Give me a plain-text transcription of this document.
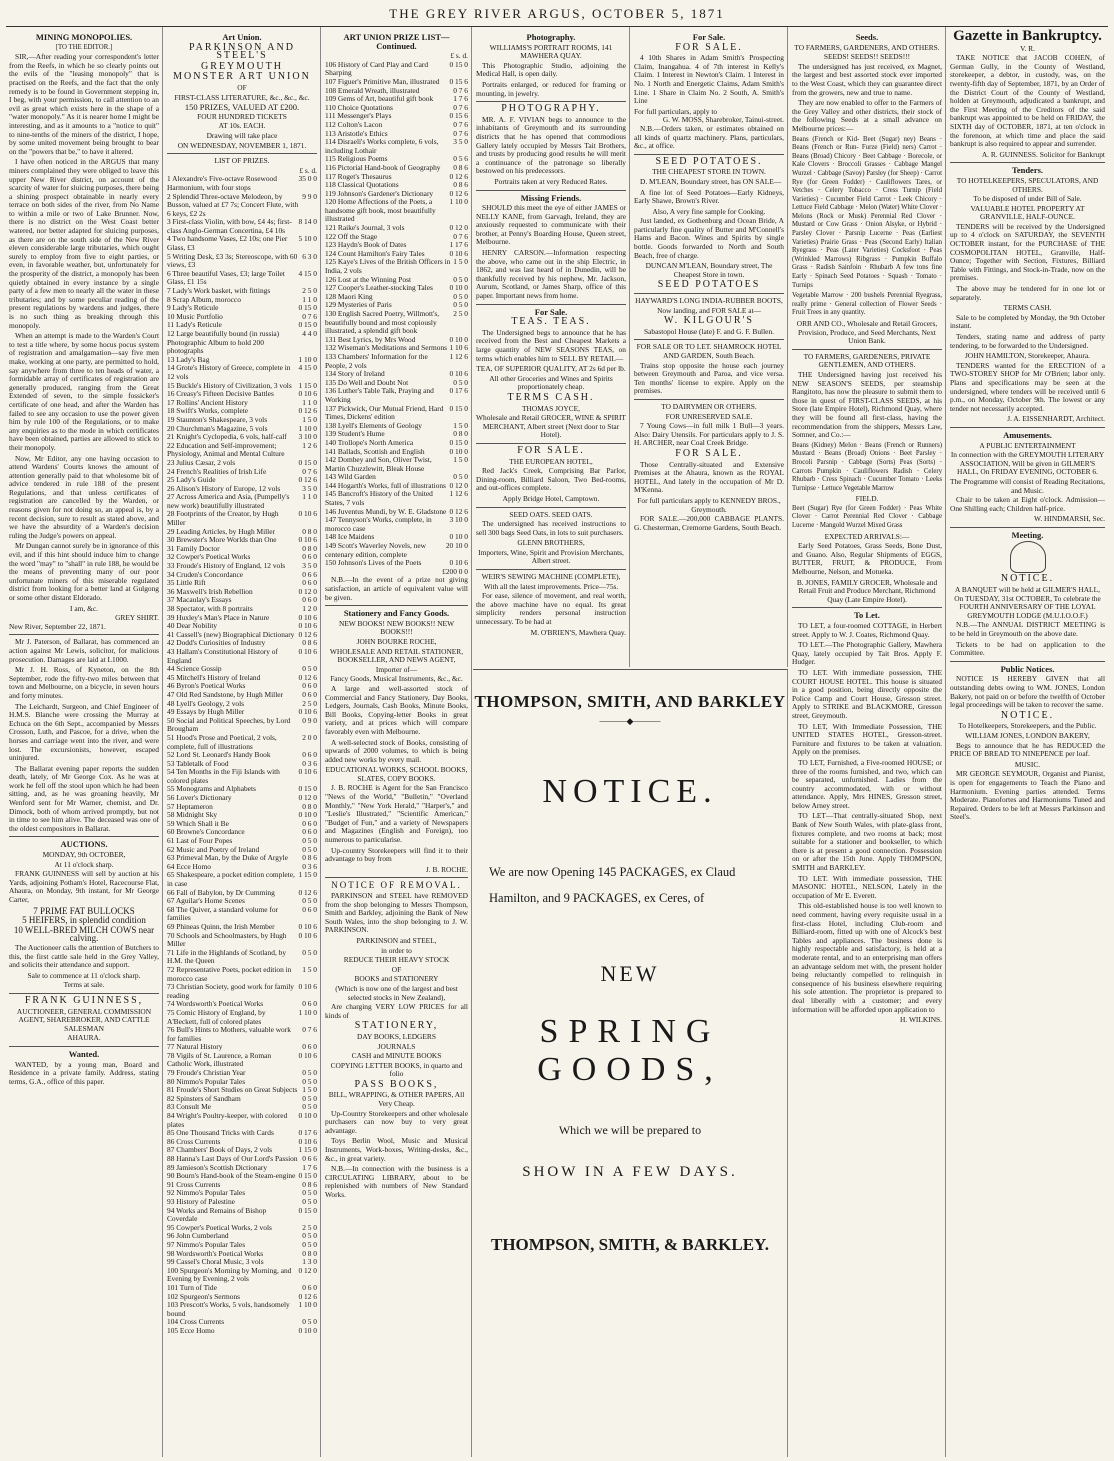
THE GREY RIVER ARGUS, OCTOBER 5, 1871
MINING MONOPOLIES.
[TO THE EDITOR.]

SIR,—After reading your correspondent's letter from the Reefs, in which he so clearly points out the evils of the "leasing monopoly" that is practised on the Reefs, and the fact that the only remedy is to be found in Government stepping in, I beg, with your permission, to call attention to an evil as great which exists here in the shape of a "water monopoly." As it is nearer home I might be interesting, and as it amounts to a "notice to quit" to nine-tenths of the miners of the district, I hope, by some united movement being brought to bear on the "powers that be," to have it altered.

I have often noticed in the ARGUS that many miners complained they were obliged to leave this upper New River district, on account of the scarcity of water for sluicing purposes, there being a shining prospect obtainable in nearly every terrace on both sides of the river, from No Name to within a mile or two of Lake Brunner. Now, there is no district on the West Coast better watered, nor better adapted for sluicing purposes, as there are on the south side of the New River eleven considerable large tributaries, which ought surely to employ from five to eight parties, or even, in favorable weather, but, unfortunately for the prosperity of the district, a monopoly has been quietly obtained in every instance by a single party of a few men to nearly all the water in these tributaries; and by some peculiar reading of the present regulations by wardens and judges, there is no such thing as breaking through this monopoly.

When an attempt is made to the Warden's Court to test a title where, by some hocus pocus system of registration and amalgamation—say five men make, working at one party, are permitted to hold, say anywhere from three to ten heads of water, a formidable array of certificates of registration are generally produced, ranging from the Great Extended of seven, to the simple fossicker's certificate of one head, and after the Warden has failed to see any occasion to use the power given him by rule 100 of the Regulations, or to make any enquiries as to the mode in which certificates have been obtained, parties are allowed to stick to their monopoly.

Now, Mr Editor, any one having occasion to attend Wardens' Courts knows the amount of attention generally paid to that wholesome bit of advice tendered in rule 188 of the present Regulations, and that unless certificates of registration are cancelled by the Warden, or reasons given for not doing so, an appeal is, by a recent decision, sure to result as stated above, and we have the absurdity of a Warden's decision ruling the Judge's powers on appeal.

Mr Dungan cannot surely be in ignorance of this evil, and if this hint should induce him to change the word "may" to "shall" in rule 188, he would be the means of preventing many of our poor unfortunate miners of this miserable regulated district from looking for a better land at Gulgong or some other distant Eldorado.

I am, &c.
GREY SHIRT.
New River, September 22, 1871.

Mr J. Paterson, of Ballarat, has commenced an action against Mr Lewis, solicitor, for malicious prosecution. Damages are laid at L1000.

Mr J. H. Ross, of Kyneton, on the 8th September, rode the fifty-two miles between that town and Melbourne, on a bicycle, in seven hours and forty minutes.

The Leichardt, Surgeon, and Chief Engineer of H.M.S. Blanche were crossing the Murray at Echuca on the 6th Sept., accompanied by Messrs Crosson, Luth, and Pascoe, for a drive, when the horses and carriage went into the river, and were lost. The excursionists, however, escaped uninjured.

The Ballarat evening paper reports the sudden death, lately, of Mr George Cox. As he was at work he fell off the stool upon which he had been sitting, and, as he was groaning heavily, Mr Wenford sent for Mr Warner, chemist, and Dr. Dimock, both of whom arrived promptly, but not in time to see him alive. The deceased was one of the oldest compositors in Ballarat.

AUCTIONS.
MONDAY, 9th OCTOBER,
At 11 o'clock sharp.

FRANK GUINNESS will sell by auction at his Yards, adjoining Potham's Hotel, Racecourse Flat, Ahaura, on Monday, 9th instant, for Mr George Carter,

7 PRIME FAT BULLOCKS
5 HEIFERS, in splendid condition
10 WELL-BRED MILCH COWS near calving.

The Auctioneer calls the attention of Butchers to this, the first cattle sale held in the Grey Valley, and solicits their attendance and support.

Sale to commence at 11 o'clock sharp.
Terms at sale.
FRANK GUINNESS,
AUCTIONEER, GENERAL COMMISSION AGENT, SHAREBROKER, AND CATTLE SALESMAN
AHAURA.
Wanted.

WANTED, by a young man, Board and Residence in a private family. Address, stating terms, G.A., office of this paper.

Art Union.
PARKINSON AND STEEL'S
GREYMOUTH
MONSTER ART UNION
OF
FIRST-CLASS LITERATURE, &c., &c., &c.
150 PRIZES, VALUED AT £200.
FOUR HUNDRED TICKETS
AT 10s. EACH.
Drawing will take place
ON WEDNESDAY, NOVEMBER 1, 1871.
LIST OF PRIZES.
£ s. d.
1 Alexandre's Five-octave Rosewood Harmonium, with four stops
35 0 0
2 Splendid Three-octave Melodeon, by Busson, valued at £7 7s; Concert Flute, with 6 keys, £2 2s
9 9 0
3 First-class Violin, with bow, £4 4s; first-class Anglo-German Concertina, £4 10s
8 14 0
4 Two handsome Vases, £2 10s; one Pier Glass, £3
5 10 0
5 Writing Desk, £3 3s; Stereoscope, with 60 views, £3
6 3 0
6 Three beautiful Vases, £3; large Toilet Glass, £1 15s
4 15 0
7 Lady's Work basket, with fittings	2 5 0
8 Scrap Album, morocco	1 1 0
9 Lady's Reticule	0 15 0
10 Music Portfolio	0 7 6
11 Lady's Reticule	0 15 0
12 Large beautifully bound (in russia) Photographic Album to hold 200 photographs
4 4 0
13 Lady's Bag	1 10 0
14 Grote's History of Greece, complete in 12 vols
4 15 0
15 Buckle's History of Civilization, 3 vols 1 15 0
16 Creasy's Fifteen Decisive Battles	0 10 6
17 Rollins' Ancient History	1 1 0
18 Swift's Works, complete	0 12 6
19 Staunton's Shakespeare, 3 vols	1 5 0
20 Churchman's Magazine, 5 vols	1 10 0
21 Knight's Cyclopedia, 6 vols, half-calf 3 10 0
22 Education and Self-improvement; Physiology, Animal and Mental Culture
1 2 6
23 Julius Cæsar, 2 vols	0 15 0
24 French's Realities of Irish Life	0 7 6
25 Lady's Guide	0 12 6
26 Alison's History of Europe, 12 vols	3 5 0
27 Across America and Asia, (Pumpelly's new work) beautifully illustrated
1 1 0
28 Footprints of the Creator, by Hugh Miller
0 10 6
29 Leading Articles, by Hugh Miller	0 8 0
30 Brewster's More Worlds than One	0 10 6
31 Family Doctor	0 8 0
32 Cowper's Poetical Works	0 6 0
33 Froude's History of England, 12 vols 3 5 0
34 Cruden's Concordance	0 6 6
35 Little Rift	0 6 0
36 Maxwell's Irish Rebellion	0 12 0
37 Macaulay's Essays	0 6 0
38 Spectator, with 8 portraits	1 2 0
39 Huxley's Man's Place in Nature	0 10 6
40 Dear Nobility	0 10 6
41 Cassell's (new) Biographical Dictionary 0 12 6
42 Dodd's Curiosities of Industry	0 8 6
43 Hallam's Constitutional History of England
0 10 6
44 Science Gossip	0 5 0
45 Mitchell's History of Ireland	0 12 6
46 Byron's Poetical Works	0 6 0
47 Old Red Sandstone, by Hugh Miller	0 6 0
48 Lyell's Geology, 2 vols	2 5 0
49 Essays by Hugh Miller	0 10 6
50 Social and Political Speeches, by Lord Brougham
0 9 0
51 Hood's Prose and Poetical, 2 vols, complete, full of illustrations
2 0 0
52 Lord St. Leonard's Handy Book	0 6 0
53 Tabletalk of Food	0 3 6
54 Ten Months in the Fiji Islands with colored plates
0 10 6
55 Monograms and Alphabets	0 15 0
56 Lover's Dictionary	0 12 0
57 Heptameron	0 8 0
58 Midnight Sky	0 10 0
59 Which Shall it Be	0 6 0
60 Browne's Concordance	0 6 0
61 Last of Four Popes	0 5 0
62 Music and Poetry of Ireland	0 5 0
63 Primeval Man, by the Duke of Argyle 0 8 6
64 Ecce Homo	0 3 6
65 Shakespeare, a pocket edition complete, in case
1 15 0
66 Fall of Babylon, by Dr Cumming	0 12 6
67 Aguilar's Home Scenes	0 5 0
68 The Quiver, a standard volume for families
0 6 0
69 Phineas Quinn, the Irish Member	0 10 6
70 Schools and Schoolmasters, by Hugh Miller
0 10 6
71 Life in the Highlands of Scotland, by H.M. the Queen
0 5 0
72 Representative Poets, pocket edition in morocco case
1 5 0
73 Christian Society, good work for family reading
0 10 6
74 Wordsworth's Poetical Works	0 6 0
75 Comic History of England, by A'Beckett, full of colored plates
1 10 0
76 Bull's Hints to Mothers, valuable work for families
0 7 6
77 Natural History	0 6 0
78 Vigils of St. Laurence, a Roman Catholic Work, illustrated
0 10 6
79 Froude's Christian Year	0 5 0
80 Nimmo's Popular Tales	0 5 0
81 Froude's Short Studies on Great Subjects 1 5 0
82 Spinsters of Sandham	0 5 0
83 Consult Me	0 5 0
84 Wright's Poultry-keeper, with colored plates
0 10 0
85 One Thousand Tricks with Cards	0 17 6
86 Cross Currents	0 10 6
87 Chambers' Book of Days, 2 vols	1 15 0
88 Hanna's Last Days of Our Lord's Passion 0 6 6
89 Jamieson's Scottish Dictionary	1 7 6
90 Bourn's Hand-book of the Steam-engine 0 15 0
91 Cross Currents	0 8 6
92 Nimmo's Popular Tales	0 5 0
93 History of Palestine	0 5 0
94 Works and Remains of Bishop Coverdale
0 15 0
95 Cowper's Poetical Works, 2 vols	2 5 0
96 John Cumberland	0 5 0
97 Nimmo's Popular Tales	0 5 0
98 Wordsworth's Poetical Works	0 8 0
99 Cassel's Choral Music, 3 vols	1 3 0
100 Spurgeon's Morning by Morning, and Evening by Evening, 2 vols
0 12 0
101 Turn of Tide	0 6 0
102 Spurgeon's Sermons	0 12 6
103 Prescott's Works, 5 vols, handsomely bound
1 10 0
104 Cross Currents	0 5 0
105 Ecce Homo	0 10 0
ART UNION PRIZE LIST—Continued.
£ s. d.
106 History of Card Play and Card Sharping
0 15 0
107 Figuer's Primitive Man, illustrated 0 15 6
108 Emerald Wreath, illustrated	0 7 6
109 Gems of Art, beautiful gift book	1 7 6
110 Choice Quotations	0 7 6
111 Messenger's Plays	0 15 6
112 Colton's Lacon	0 7 6
113 Aristotle's Ethics	0 7 6
114 Disraeli's Works complete, 6 vols, including Lothair
3 5 0
115 Religious Poems	0 5 6
116 Pictorial Hand-book of Geography 0 8 6
117 Roget's Thesaurus	0 12 6
118 Classical Quotations	0 8 6
119 Johnson's Gardener's Dictionary 0 12 6
120 Home Affections of the Poets, a handsome gift book, most beautifully illustrated
1 10 0
121 Raike's Journal, 3 vols	0 12 0
122 Off the Stage	0 7 6
123 Haydn's Book of Dates	1 17 6
124 Count Hamilton's Fairy Tales	0 10 6
125 Kaye's Lives of the British Officers in India, 2 vols
1 5 0
126 Lost at the Winning Post	0 5 0
127 Cooper's Leather-stocking Tales 0 10 0
128 Maori King	0 5 0
129 Mysteries of Paris	0 5 0
130 English Sacred Poetry, Willmott's, beautifully bound and most copiously illustrated, a splendid gift book
2 5 0
131 Best Lyrics, by Mrs Wood	0 10 0
132 Wiseman's Meditations and Sermons 1 10 6
133 Chambers' Information for the People, 2 vols
1 12 6
134 Story of Ireland	0 10 6
135 Do Well and Doubt Not	0 5 0
136 Luther's Table Talk, Praying and Working
0 17 6
137 Pickwick, Our Mutual Friend, Hard Times, Dickens' edition
0 15 0
138 Lyell's Elements of Geology	1 5 0
139 Student's Hume	0 8 0
140 Trollope's North America	0 15 0
141 Ballads, Scottish and English	0 10 0
142 Dombey and Son, Oliver Twist, Martin Chuzzlewitt, Bleak House
1 5 0
143 Wild Garden	0 5 0
144 Hogarth's Works, full of illustrations 0 12 0
145 Bancroft's History of the United States, 7 vols
1 12 6
146 Juventus Mundi, by W. E. Gladstone 0 12 6
147 Tennyson's Works, complete, in morocco case
3 10 0
148 Ice Maidens	0 10 0
149 Scott's Waverley Novels, new centenary edition, complete
20 10 0
150 Johnson's Lives of the Poets	0 10 6
£200 0 0

N.B.—In the event of a prize not giving satisfaction, an article of equivalent value will be given.

Stationery and Fancy Goods.
NEW BOOKS! NEW BOOKS!! NEW BOOKS!!!
JOHN BOURKE ROCHE,
WHOLESALE AND RETAIL STATIONER, BOOKSELLER, AND NEWS AGENT,
Importer of—
Fancy Goods, Musical Instruments, &c., &c.

A large and well-assorted stock of Commercial and Fancy Stationery, Day Books, Ledgers, Journals, Cash Books, Minute Books, Bill Books, Copying-letter Books in great variety, and at prices which will compare favorably even with Melbourne.

A well-selected stock of Books, consisting of upwards of 2000 volumes, to which is being added new works by every mail.

EDUCATIONAL WORKS, SCHOOL BOOKS, SLATES, COPY BOOKS.

J. B. ROCHE is Agent for the San Francisco "News of the World," "Bulletin," "Overland Monthly," "New York Herald," "Harper's," and "Leslie's Illustrated," "Scientific American," "Budget of Fun," and a variety of Newspapers and Magazines (English and Foreign), too numerous to particularise.

Up-country Storekeepers will find it to their advantage to buy from

J. B. ROCHE.
NOTICE OF REMOVAL.

PARKINSON and STEEL have REMOVED from the shop belonging to Messrs Thompson, Smith and Barkley, adjoining the Bank of New South Wales, into the shop belonging to J. W. PARKINSON.

PARKINSON and STEEL,
in order to
REDUCE THEIR HEAVY STOCK
OF
BOOKS and STATIONERY
(Which is now one of the largest and best selected stocks in New Zealand),

Are charging VERY LOW PRICES for all kinds of

STATIONERY,
DAY BOOKS, LEDGERS
JOURNALS
CASH and MINUTE BOOKS
COPYING LETTER BOOKS, in quarto and folio
PASS BOOKS,
BILL, WRAPPING, & OTHER PAPERS, All Very Cheap.

Up-Country Storekeepers and other wholesale purchasers can now buy to very great advantage.

Toys Berlin Wool, Music and Musical Instruments, Work-boxes, Writing-desks, &c., &c., in great variety.

N.B.—In connection with the business is a CIRCULATING LIBRARY, about to be replenished with numbers of New Standard Works.

Photography.
WILLIAMS'S PORTRAIT ROOMS, 141 MAWHERA QUAY.

This Photographic Studio, adjoining the Medical Hall, is open daily.

Portraits enlarged, or reduced for framing or mounting, in jewelry.

PHOTOGRAPHY.

MR. A. F. VIVIAN begs to announce to the inhabitants of Greymouth and its surrounding districts that he has opened that commodious Gallery lately occupied by Messrs Tait Brothers, and trusts by producing good results he will merit a continuance of the patronage so liberally bestowed on his predecessors.

Portraits taken at very Reduced Rates.
Missing Friends.

SHOULD this meet the eye of either JAMES or NELLY KANE, from Garvagh, Ireland, they are anxiously requested to communicate with their brother, at Penny's Boarding House, Queen street, Melbourne.

HENRY CARSON.—Information respecting the above, who came out in the ship Electric, in 1862, and was last heard of in Dunedin, will be thankfully received by his nephew, Mr. Jackson, Aurum, Scotland, or James Sharp, office of this paper. Important news from home.

For Sale.
TEAS. TEAS.

The Undersigned begs to announce that he has received from the Best and Cheapest Markets a large quantity of NEW SEASONS TEAS, on terms which enables him to SELL BY RETAIL—

TEA, OF SUPERIOR QUALITY, AT 2s 6d per lb.
All other Groceries and Wines and Spirits proportionately cheap.
TERMS CASH.
THOMAS JOYCE,
Wholesale and Retail GROCER, WINE & SPIRIT MERCHANT, Albert street (Next door to Star Hotel).
FOR SALE.
THE EUROPEAN HOTEL,

Red Jack's Creek, Comprising Bar Parlor, Dining-room, Billiard Saloon, Two Bed-rooms, and out-offices complete.

Apply Bridge Hotel, Camptown.
SEED OATS. SEED OATS.

The undersigned has received instructions to sell 300 bags Seed Oats, in lots to suit purchasers.

GLENN BROTHERS,
Importers, Wine, Spirit and Provision Merchants, Albert street.
WEIR'S SEWING MACHINE (COMPLETE),
With all the latest improvements. Price—75s.

For ease, silence of movement, and real worth, the above machine have no equal. Its great simplicity renders personal instruction unnecessary. To be had at

M. O'BRIEN'S, Mawhera Quay.
For Sale.
FOR SALE.

4 10th Shares in Adam Smith's Prospecting Claim, Inangahua. 4 of 7th interest in Kelly's Claim. 1 Interest in Newton's Claim. 1 Interest in No. 1 North and Energetic Claims, Adam Smith's Line. 1 Share in Claim No. 2 South, A. Smith's Line

For full particulars, apply to
G. W. MOSS, Sharebroker, Tainui-street.

N.B.—Orders taken, or estimates obtained on all kinds of quartz machinery. Plans, particulars, &c., at office.

SEED POTATOES.
THE CHEAPEST STORE IN TOWN.

D. M'LEAN, Boundary street, has ON SALE—

A fine lot of Seed Potatoes—Early Kidneys, Early Shawe, Brown's River.

Also, A very fine sample for Cooking.

Just landed, ex Gothenburg and Ocean Bride, A particularly fine quality of Butter and M'Connell's Hams and Bacon. Wines and Spirits by single bottle. Goods forwarded to North and South Beach, free of charge.

DUNCAN M'LEAN, Boundary street, The Cheapest Store in town.
SEED POTATOES
HAYWARD'S LONG INDIA-RUBBER BOOTS,
Now landing, and FOR SALE at—
W. KILGOUR'S
Sabastopol House (late) F. and G. F. Bullen.
FOR SALE OR TO LET. SHAMROCK HOTEL AND GARDEN, South Beach.

Trains stop opposite the house each journey between Greymouth and Paroa, and vice versa. Ten months' license to expire. Apply on the premises.

TO DAIRYMEN OR OTHERS.
FOR UNRESERVED SALE.

7 Young Cows—in full milk 1 Bull—3 years. Also: Dairy Utensils. For particulars apply to J. S. H. ARCHER, near Coal Creek Bridge.

FOR SALE.

Those Centrally-situated and Extensive Premises at the Ahaura, known as the ROYAL HOTEL, And lately in the occupation of Mr D. M'Kenna.

For full particulars apply to KENNEDY BROS., Greymouth.

FOR SALE.—200,000 CABBAGE PLANTS. G. Chesterman, Cremorne Gardens, South Beach.

THOMPSON, SMITH, AND BARKLEY
———◆———
NOTICE.
We are now Opening 145 PACKAGES, ex Claud Hamilton, and 9 PACKAGES, ex Ceres, of
NEW
SPRING GOODS,
Which we will be prepared to
SHOW IN A FEW DAYS.
THOMPSON, SMITH, & BARKLEY.
Seeds.
TO FARMERS, GARDENERS, AND OTHERS.
SEEDS! SEEDS!! SEEDS!!!

The undersigned has just received, ex Magnet, the largest and best assorted stock ever imported to the West Coast, which they can guarantee direct from the growers, new and true to name.

They are now enabled to offer to the Farmers of the Grey Valley and other districts, their stock of the following Seeds at a small advance on Melbourne prices:—

Beans (French or Kid- Beet (Sugar) ney) Beans · Beans (French or Run- Furze (Field) ners) Carrot · Beans (Broad) Chicory · Beet Cabbage · Borecole, or Kale Clovers · Broccoli Grasses · Cabbage Mangel Wurzel · Cabbage (Savoy) Parsley (for Sheep) · Carrot Rye (for Green Fodder) · Cauliflowers Tares, or Vetches · Celery Tobacco · Cress Turnip (Field Varieties) · Cucumber Field Carrot · Leek Chicory · Lettuce Field Cabbage · Melon (Water) White Clover · Melons (Rock or Musk) Perennial Red Clover · Mustard or Cow Grass · Onion Alsyke, or Hybrid · Parsley Clover · Parsnip Lucerne · Peas (Earliest Varieties) Prairie Grass · Peas (Second Early) Italian Ryegrass · Peas (Later Varieties) Cocksfoot · Peas (Wrinkled Marrows) Ribgrass · Pumpkin Buffalo Grass · Radish Sainfoin · Rhubarb A few tons fine Early · Spinach Seed Potatoes · Squash · Tomato · Turnips

Vegetable Marrow · 200 bushels Perennial Ryegrass, really prime · General collection of Flower Seeds · Fruit Trees in any quantity.

ORR AND CO., Wholesale and Retail Grocers, Provision, Produce, and Seed Merchants, Next Union Bank.
TO FARMERS, GARDENERS, PRIVATE GENTLEMEN, AND OTHERS.

THE Undersigned having just received his NEW SEASON'S SEEDS, per steamship Rangitoto, has now the pleasure to submit them to those in quest of FIRST-CLASS SEEDS, at his Store (late Empire Hotel), Richmond Quay, where they will be found all first-class, having the recommendation from the shippers, Messrs Law, Somner, and Co.:—

Beans (Kidney) Melon · Beans (French or Runners) Mustard · Beans (Broad) Onions · Beet Parsley · Brocoli Parsnip · Cabbage (Sorts) Peas (Sorts) · Carrots Pumpkin · Cauliflowers Radish · Celery Rhubarb · Cress Spinach · Cucumber Tomato · Leeks Turnipse · Lettuce Vegetable Marrow

FIELD.

Beet (Sugar) Rye (for Green Fodder) · Peas White Clover · Carrot Perennial Red Clover · Cabbage Lucerne · Mangold Wurzel Mixed Grass

EXPECTED ARRIVALS:—

Early Seed Potatoes, Grass Seeds, Bone Dust, and Guano. Also, Regular Shipments of EGGS, BUTTER, FRUIT, & PRODUCE, From Melbourne, Nelson, and Motueka.

B. JONES, FAMILY GROCER, Wholesale and Retail Fruit and Produce Merchant, Richmond Quay (Late Empire Hotel).
To Let.

TO LET, a four-roomed COTTAGE, in Herbert street. Apply to W. J. Coates, Richmond Quay.

TO LET.—The Photographic Gallery, Mawhera Quay, lately occupied by Tait Bros. Apply F. Hudger.

TO LET. With immediate possession, THE COURT HOUSE HOTEL. This house is situated in a good position, being directly opposite the Police Camp and Court House, Gresson street. Apply to STRIKE and BLACKMORE, Gresson street, Greymouth.

TO LET, With Immediate Possession, THE UNITED STATES HOTEL, Gresson-street. Furniture and fixtures to be taken at valuation. Apply on the premises.

TO LET, Furnished, a Five-roomed HOUSE; or three of the rooms furnished, and two, which can be separated, unfurnished. Ladies from the country accommodated, with or without attendance. Apply, Mrs HINES, Gresson street, below Arney street.

TO LET—That centrally-situated Shop, next Bank of New South Wales, with plate-glass front, fixtures complete, and two rooms at back; most suitable for a stationer and bookseller, to which there is at present a good connection. Possession on or after the 15th June. Apply THOMPSON, SMITH and BARKLEY.

TO LET. With immediate possession, THE MASONIC HOTEL, NELSON, Lately in the occupation of Mr E. Everett.

This old-established house is too well known to need comment, having every requisite usual in a first-class Hotel, including Club-room and Billiard-room, fitted up with one of Alcock's best Tables and appliances. The business done is highly respectable and satisfactory, is held at a moderate rental, and to an enterprising man offers an advantage seldom met with, the present holder being reluctantly compelled to relinquish in consequence of his business elsewhere requiring his sole attention. The proprietor is prepared to deal liberally with a customer; and every information will be afforded upon application to

H. WILKINS.
Gazette in Bankruptcy.
V. R.

TAKE NOTICE that JACOB COHEN, of German Gully, in the County of Westland, storekeeper, a debtor, in custody, was, on the twenty-fifth day of September, 1871, by an Order of the District Court of the County of Westland, holden at Greymouth, adjudicated a bankrupt, and the First Meeting of the Creditors of the said bankrupt was appointed to be held on FRIDAY, the SIXTH day of OCTOBER, 1871, at ten o'clock in the forenoon, at which time and place the said bankrupt is also required to appear and surrender.

A. R. GUINNESS. Solicitor for Bankrupt
Tenders.
TO HOTELKEEPERS, SPECULATORS, AND OTHERS.
To be disposed of under Bill of Sale.
VALUABLE HOTEL PROPERTY AT GRANVILLE, HALF-OUNCE.

TENDERS will be received by the Undersigned up to 4 o'clock on SATURDAY, the SEVENTH OCTOBER instant, for the PURCHASE of THE COSMOPOLITAN HOTEL, Granville, Half-Ounce; Together with Section, Fixtures, Billiard Table with Fittings, and Stock-in-Trade, now on the premises.

The above may be tendered for in one lot or separately.

TERMS CASH.

Sale to be completed by Monday, the 9th October instant.

Tenders, stating name and address of party tendering, to be forwarded to the Undersigned.

JOHN HAMILTON, Storekeeper, Ahaura.

TENDERS wanted for the ERECTION of a TWO-STOREY SHOP for Mr O'Brien; labor only. Plans and specifications may be seen at the undersigned, where tenders will be received until 6 p.m., on Monday, October 9th. The lowest or any tender not necessarily accepted.

J. A. EISSENHARDT, Architect.
Amusements.
A PUBLIC ENTERTAINMENT
In connection with the GREYMOUTH LITERARY ASSOCIATION, Will be given in GILMER'S HALL, On FRIDAY EVENING, OCTOBER 6.
The Programme will consist of Reading Recitations, and Music.

Chair to be taken at Eight o'clock. Admission—One Shilling each; Children half-price.

W. HINDMARSH, Sec.
Meeting.
NOTICE.
A BANQUET will be held at GILMER'S HALL, On TUESDAY, 31st OCTOBER, To celebrate the FOURTH ANNIVERSARY OF THE LOYAL GREYMOUTH LODGE (M.U.I.O.O.F.)

N.B.—The ANNUAL DISTRICT MEETING is to be held in Greymouth on the above date.

Tickets to be had on application to the Committee.

Public Notices.

NOTICE IS HEREBY GIVEN that all outstanding debts owing to WM. JONES, London Bakery, not paid on or before the twelfth of October legal proceedings will be taken to recover the same.

NOTICE.
To Hotelkeepers, Storekeepers, and the Public.
WILLIAM JONES, LONDON BAKERY,

Begs to announce that he has REDUCED the PRICE OF BREAD TO NINEPENCE per loaf.

MUSIC.

MR GEORGE SEYMOUR, Organist and Pianist, is open for engagements to Teach the Piano and Harmonium. Evening parties attended. Terms Moderate. Pianofortes and Harmoniums Tuned and Repaired. Orders to be left at Messrs Parkinson and Steel's.
